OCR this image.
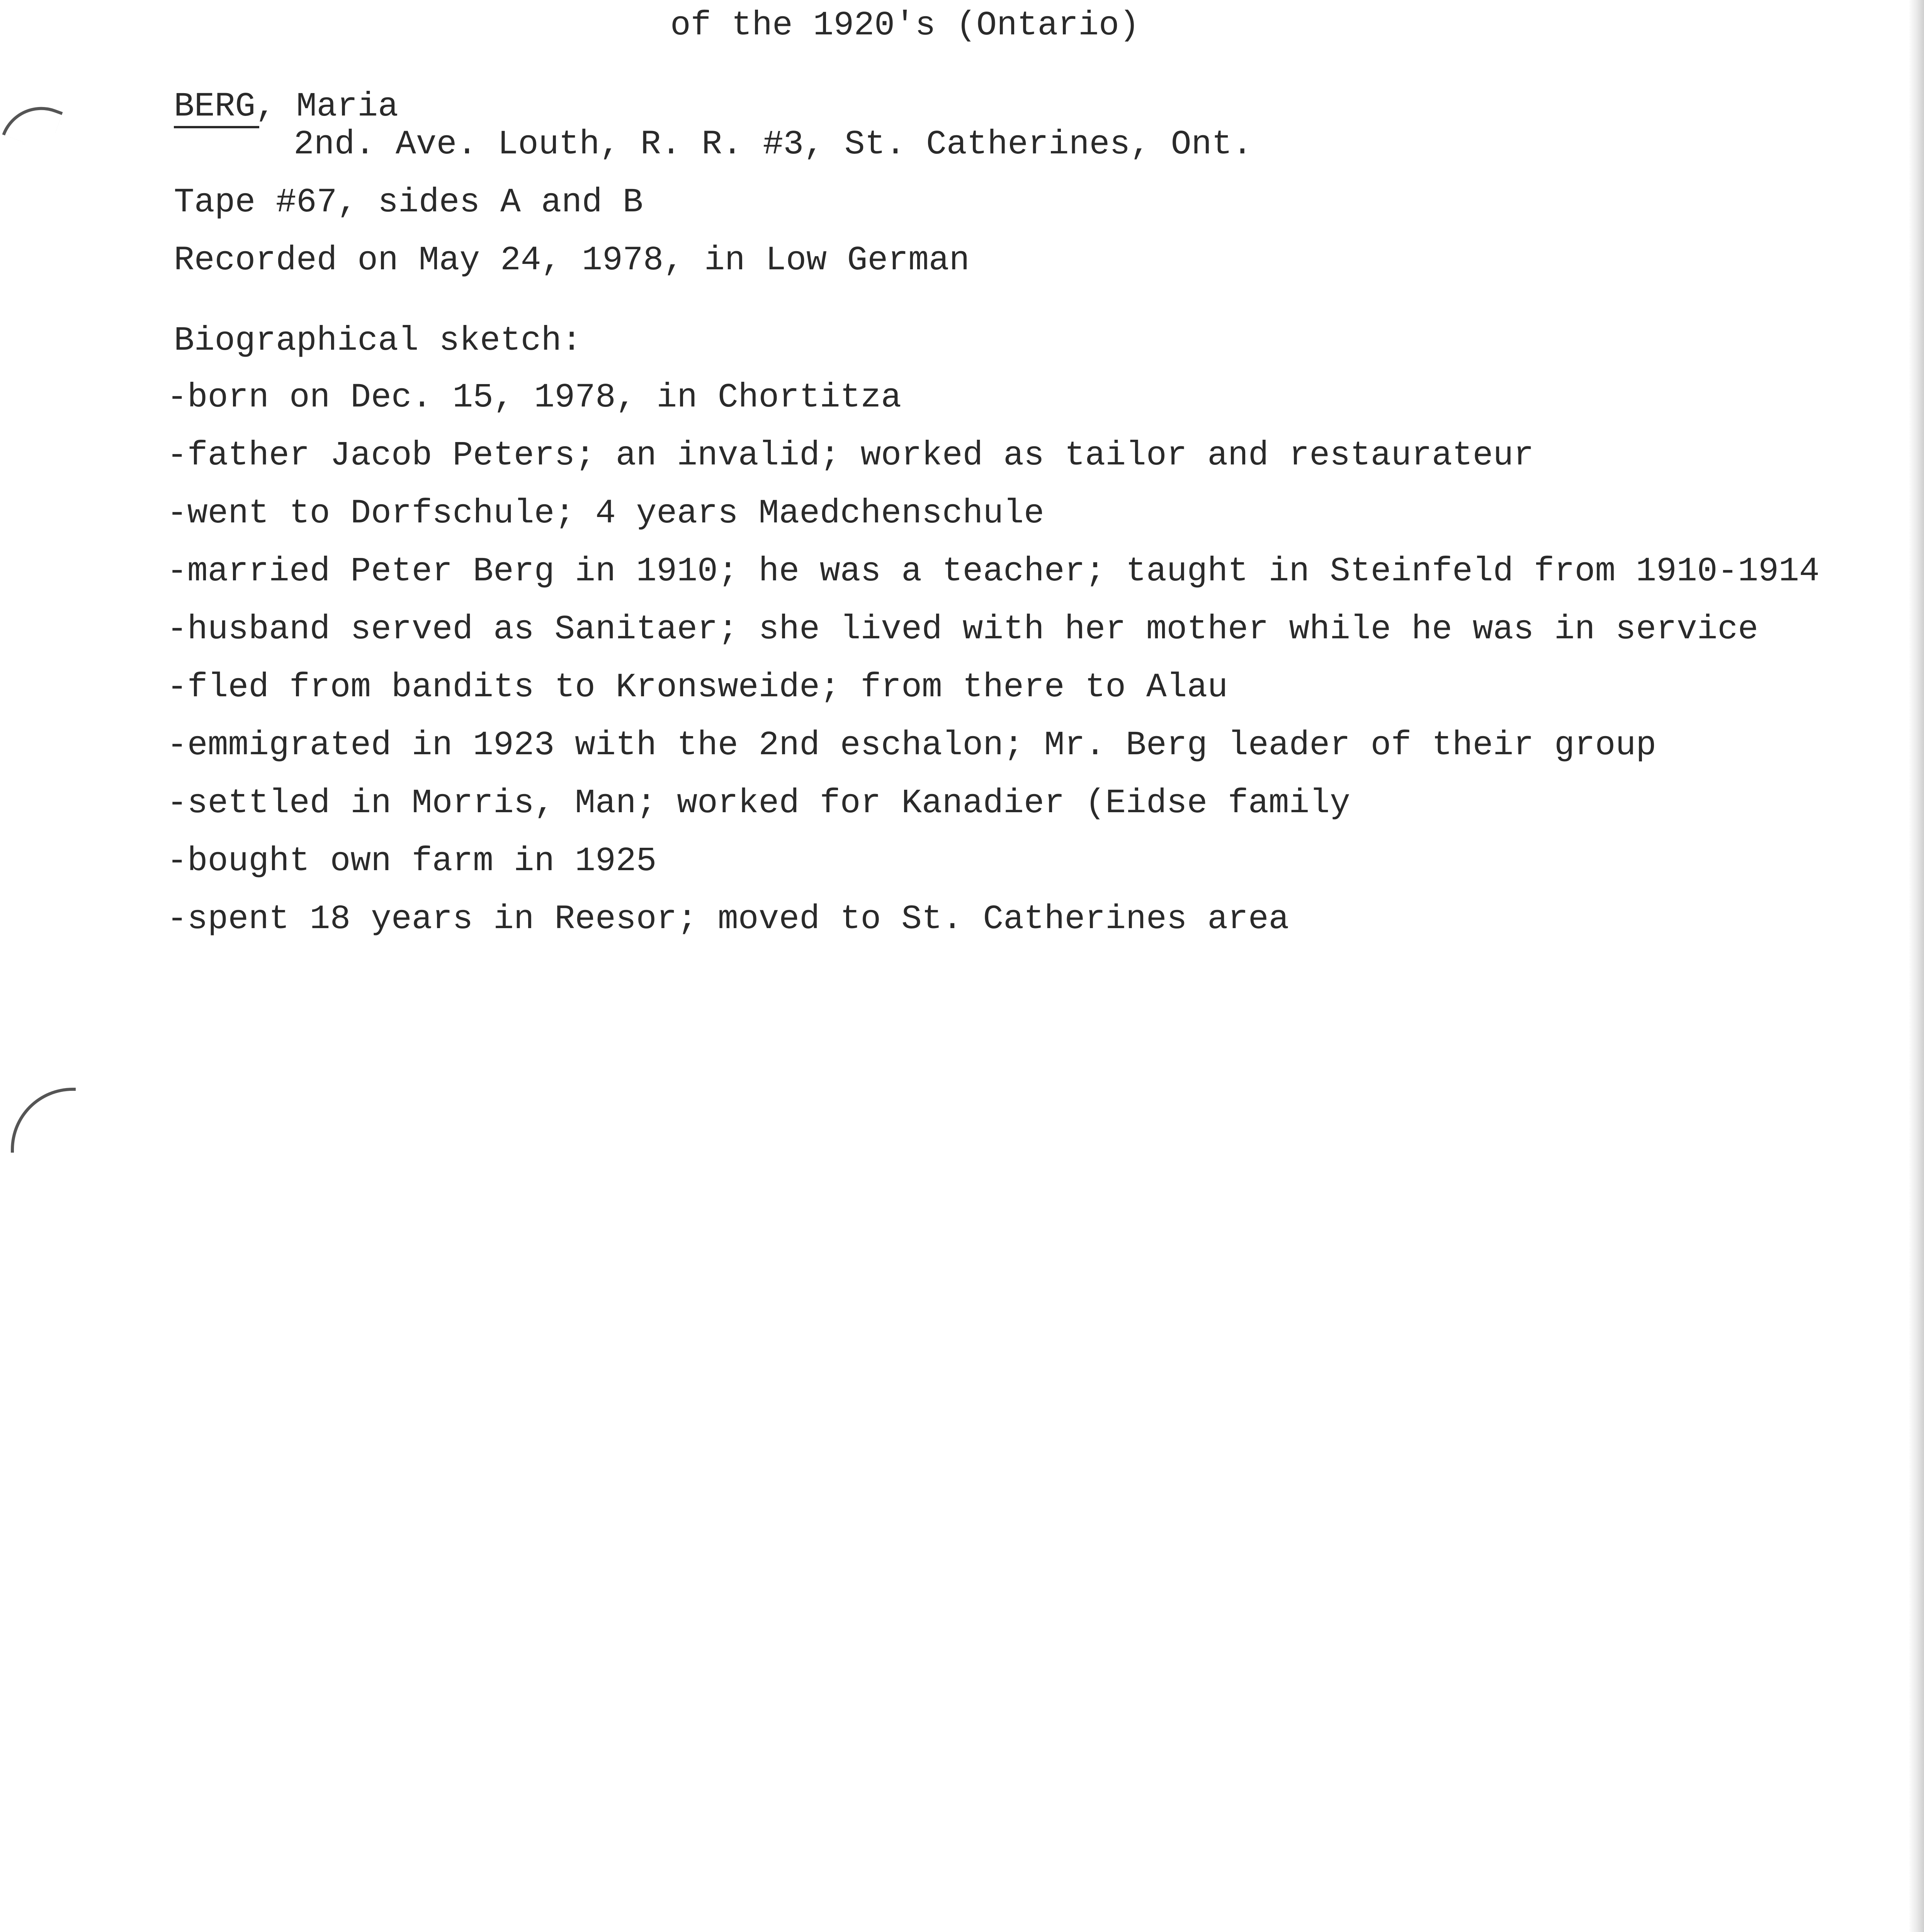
of the 1920's (Ontario)
BERG, Maria
2nd. Ave. Louth, R. R. #3, St. Catherines, Ont.
Tape #67, sides A and B
Recorded on May 24, 1978, in Low German
Biographical sketch:
-born on Dec. 15, 1978, in Chortitza
-father Jacob Peters; an invalid; worked as tailor and restaurateur
-went to Dorfschule; 4 years Maedchenschule
-married Peter Berg in 1910; he was a teacher; taught in Steinfeld from 1910-1914
-husband served as Sanitaer; she lived with her mother while he was in service
-fled from bandits to Kronsweide; from there to Alau
-emmigrated in 1923 with the 2nd eschalon; Mr. Berg leader of their group
-settled in Morris, Man; worked for Kanadier (Eidse family
-bought own farm in 1925
-spent 18 years in Reesor; moved to St. Catherines area
